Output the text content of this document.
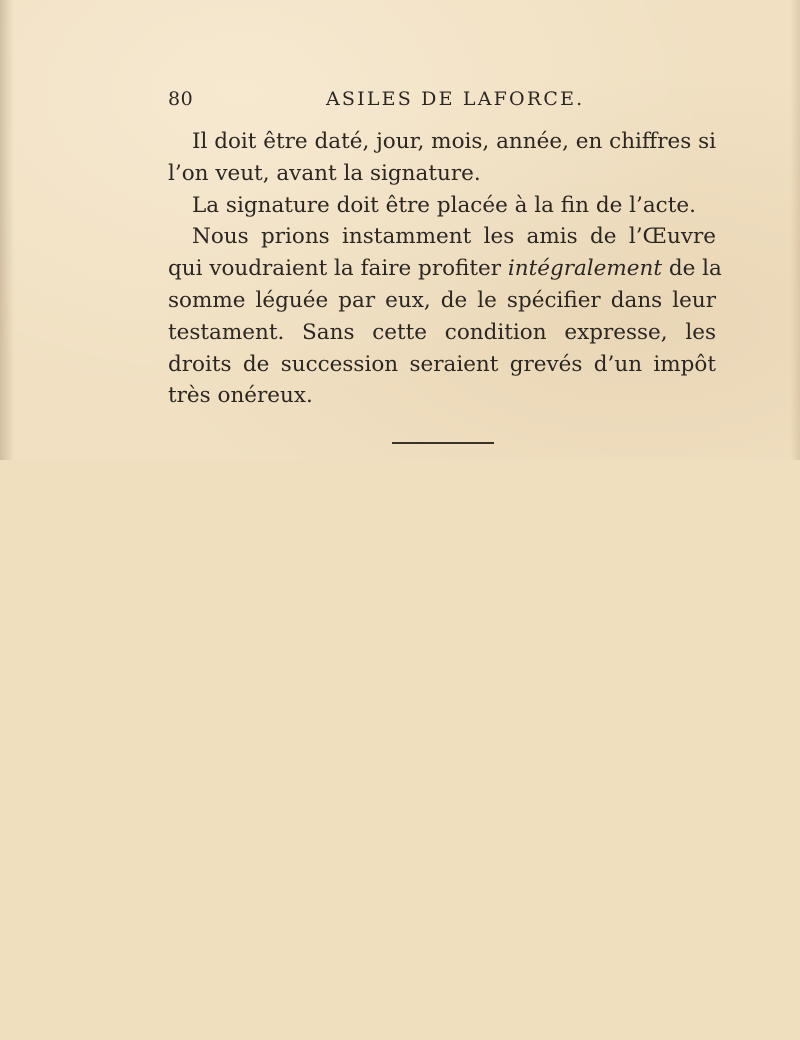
80	ASILES DE LAFORCE.
Il doit être daté, jour, mois, année, en chiffres si
l’on veut, avant la signature.
La signature doit être placée à la fin de l’acte.
Nous prions instamment les amis de l’Œuvre
qui voudraient la faire profiter intégralement de la
somme léguée par eux, de le spécifier dans leur
testament. Sans cette condition expresse, les
droits de succession seraient grevés d’un impôt
très onéreux.
